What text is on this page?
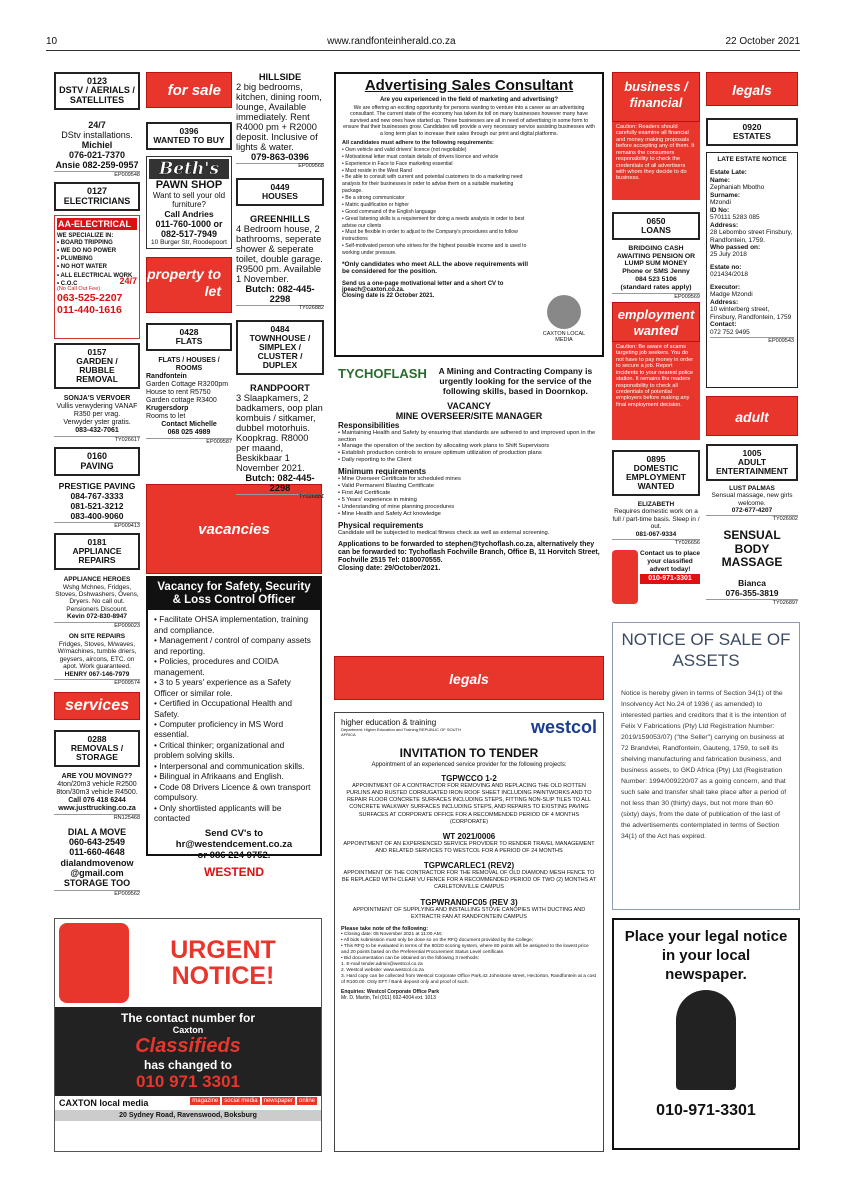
10	www.randfonteinherald.co.za	22 October 2021
0123
DSTV / AERIALS / SATELLITES
24/7
DStv installations.
Michiel
076-021-7370
Ansie 082-259-0957
EP009548
0127
ELECTRICIANS
AA-ELECTRICAL
WE SPECIALIZE IN:
• BOARD TRIPPING
• WE DO NO POWER
• PLUMBING
• NO HOT WATER
• ALL ELECTRICAL WORK
• C.O.C	24/7
(No Call Out Fee)
063-525-2207
011-440-1616
0157
GARDEN / RUBBLE REMOVAL
SONJA'S VERVOER
Vullis verwydering VANAF R350 per vrag.
Verwyder yster gratis.
083-432-7061
TY026617
0160
PAVING
PRESTIGE PAVING
084-767-3333
081-521-3212
083-400-9060
EP009413
0181
APPLIANCE REPAIRS
APPLIANCE HEROES
Wshg Mchnes, Fridges, Stoves, Dshwashers, Ovens, Dryers. No call out. Pensioners Discount.
Kevin 072-830-8947
EP009023
ON SITE REPAIRS
Fridges, Stoves, M/waves, W/machines, tumble driers, geysers, aircons, ETC. on apot. Work guaranteed.
HENRY 067-146-7979
EP009574
services
0288
REMOVALS / STORAGE
ARE YOU MOVING??
4ton/20m3 vehicle R2500
8ton/30m3 vehicle R4500.
Call 076 418 6244
www.justtrucking.co.za
RN125468
DIAL A MOVE
060-643-2549
011-660-4648
dialandmovenow
@gmail.com
STORAGE TOO
EP009562
for sale
0396
WANTED TO BUY
Beth's
PAWN SHOP
Want to sell your old furniture?
Call Andries
011-760-1000 or
082-517-7949
10 Burger Str, Roodepoort
property to let
0428
FLATS
FLATS / HOUSES / ROOMS
Randfontein
Garden Cottage R3200pm
House to rent R5750
Garden cottage R3400
Krugersdorp
Rooms to let
Contact Michelle
068 025 4989
EP009587
vacancies
Vacancy for Safety, Security & Loss Control Officer
• Facilitate OHSA implementation, training and compliance.
• Management / control of company assets and reporting.
• Policies, procedures and COIDA management.
• 3 to 5 years' experience as a Safety Officer or similar role.
• Certified in Occupational Health and Safety.
• Computer proficiency in MS Word essential.
• Critical thinker; organizational and problem solving skills.
• Interpersonal and communication skills.
• Bilingual in Afrikaans and English.
• Code 08 Drivers Licence & own transport compulsory.
• Only shortlisted applicants will be contacted
Send CV's to
hr@westendcement.co.za
or 086 224 9752.
WESTEND
HILLSIDE
2 big bedrooms, kitchen, dining room, lounge, Available immediately. Rent R4000 pm + R2000 deposit. Inclusive of lights & water.
079-863-0396
EP009568
0449
HOUSES
GREENHILLS
4 Bedroom house, 2 bathrooms, seperate shower & seperate toilet, double garage. R9500 pm. Available 1 November.
Butch: 082-445-2298
TY026882
0484
TOWNHOUSE / SIMPLEX / CLUSTER / DUPLEX
RANDPOORT
3 Slaapkamers, 2 badkamers, oop plan kombuis / sitkamer, dubbel motorhuis. Koopkrag. R8000 per maand, Beskikbaar 1 November 2021.
Butch: 082-445-2298
TY026881
Advertising Sales Consultant
Are you experienced in the field of marketing and advertising?
We are offering an exciting opportunity for persons wanting to venture into a career as an advertising consultant. The current state of the economy has taken its toll on many businesses however many have survived and new ones have started up. These businesses are all in need of advertising in some form to ensure that their businesses grow. Candidates will provide a very necessary service assisting businesses with a long term plan to increase their sales through our print and digital platforms.
All candidates must adhere to the following requirements:
• Own vehicle and valid drivers' licence (not negotiable)
• Motivational letter must contain details of drivers licence and vehicle
• Experience in Face to Face marketing essential
• Must reside in the West Rand
• Be able to consult with current and potential customers to do a marketing need analysis for their businesses in order to advise them on a suitable marketing package.
• Be a strong communicator
• Matric qualification or higher
• Good command of the English language
• Great listening skills is a requirement for doing a needs analysis in order to best advise our clients
• Must be flexible in order to adjust to the Company's procedures and to follow instructions
• Self-motivated person who strives for the highest possible income and is used to working under pressure.
*Only candidates who meet ALL the above requirements will be considered for the position.
Send us a one-page motivational letter and a short CV to jpeach@caxton.co.za.
Closing date is 22 October 2021.
CAXTON LOCAL MEDIA
TYCHOFLASH	A Mining and Contracting Company is urgently looking for the service of the following skills, based in Doornkop.
VACANCY
MINE OVERSEER/SITE MANAGER
Responsibilities
• Maintaining Health and Safety by ensuring that standards are adhered to and improved upon in the section
• Manage the operation of the section by allocating work plans to Shift Supervisors
• Establish production controls to ensure optimum utilization of production plans
• Daily reporting to the Client
Minimum requirements
• Mine Overseer Certificate for scheduled mines
• Valid Permanent Blasting Certificate
• First Aid Certificate
• 5 Years' experience in mining
• Understanding of mine planning procedures
• Mine Health and Safety Act knowledge
Physical requirements
Candidate will be subjected to medical fitness check as well as external screening.
Applications to be forwarded to stephen@tychoflash.co.za, alternatively they can be forwarded to: Tychoflash Fochville Branch, Office B, 11 Horvitch Street, Fochville 2515 Tel: 0180070555.
Closing date: 29/October/2021.
legals
higher education & training
Department: Higher Education and Training REPUBLIC OF SOUTH AFRICA	westcol
INVITATION TO TENDER
Appointment of an experienced service provider for the following projects:
TGPWCCO 1-2
APPOINTMENT OF A CONTRACTOR FOR REMOVING AND REPLACING THE OLD ROTTEN PURLINS AND RUSTED CORRUGATED IRON ROOF SHEET INCLUDING PAINTWORKS AND TO REPAIR FLOOR CONCRETE SURFACES INCLUDING STEPS, FITTING NON-SLIP TILES TO ALL CONCRETE WALKWAY SURFACES INCLUDING STEPS, AND REPAIRS TO EXISTING PAVING SURFACES AT CORPORATE OFFICE FOR A RECOMMENDED PERIOD OF 4 MONTHS (CORPORATE)
WT 2021/0006
APPOINTMENT OF AN EXPERIENCED SERVICE PROVIDER TO RENDER TRAVEL MANAGEMENT AND RELATED SERVICES TO WESTCOL FOR A PERIOD OF 24 MONTHS
TGPWCARLEC1 (REV2)
APPOINTMENT OF THE CONTRACTOR FOR THE REMOVAL OF OLD DIAMOND MESH FENCE TO BE REPLACED WITH CLEAR VU FENCE FOR A RECOMMENDED PERIOD OF TWO (2) MONTHS AT CARLETONVILLE CAMPUS
TGPWRANDFC05 (REV 3)
APPOINTMENT OF SUPPLYING AND INSTALLING STOVE CANOPIES WITH DUCTING AND EXTRACTR FAN AT RANDFONTEIN CAMPUS
Please take note of the following:
• Closing date: 05 November 2021 at 11:00 AM;
• All bids submission must only be done so on the RFQ document provided by the College;
• This RFQ to be evaluated in terms of the 80/20 scoring system, where 80 points will be assigned to the lowest price and 20 points based on the Preferential Procurement Status Level certificate.
• Bid documentation can be obtained on the following 3 methods:
1. E-mail tender.admin@westcol.co.za
2. Westcol website: www.westcol.co.za
3. Hard copy can be collected from Westcol Corporate Office Park,42 Johnstone street, Hectorton, Randfontein at a cost of R100.00. Only EFT / Bank deposit only and proof of such.
Enquiries: Westcol Corporate Office Park
Mr. D. Martin, Tel (011) 692-4004 ext. 1013
business / financial
Caution: Readers should carefully examine all financial and money making proposals before accepting any of them. It remains the consumers responsibility to check the credentials of all advertisers with whom they decide to do business.
0650
LOANS
BRIDGING CASH AWAITING PENSION OR LUMP SUM MONEY
Phone or SMS Jenny
084 523 5106
(standard rates apply)
EP009569
employment wanted
Caution: Be aware of scams targeting job seekers. You do not have to pay money in order to secure a job. Report incidents to your nearest police station. It remains the readers responsibility to check all credentials of potential employers before making any final employment decision.
0895
DOMESTIC EMPLOYMENT WANTED
ELIZABETH
Requires domestic work on a full / part-time basis. Sleep in / out.
081-067-9334
TY026656
Contact us to place your classified advert today!
010-971-3301
legals
0920
ESTATES
LATE ESTATE NOTICE
Estate Late:
Name:
Zephaniah Mbotho
Surname:
Mzondi
ID No:
570111 5283 085
Address:
28 Lebombo street Finsbury, Randfontein, 1759.
Who passed on:
25 July 2018
Estate no:
021434/2018
Executor:
Madge Mzondi
Address:
10 winterberg street, Finsbury, Randfontein, 1759
Contact:
072 752 9495
EP009543
adult
1005
ADULT ENTERTAINMENT
LUST PALMAS
Sensual massage, new girls welcome.
072-677-4207
TY026902
SENSUAL BODY MASSAGE
Bianca
076-355-3819
TY026897
NOTICE OF SALE OF ASSETS
Notice is hereby given in terms of Section 34(1) of the Insolvency Act No.24 of 1936 ( as amended) to interested parties and creditors that it is the intention of Felix V Fabrications (Pty) Ltd Registration Number: 2019/159053/07) ("the Seller") carrying on business at 72 Brandvlei, Randfontein, Gauteng, 1759, to sell its shelving manufacturing and fabrication business, and business assets, to GKD Africa (Pty) Ltd (Registration Number: 1994/009220/07 as a going concern, and that such sale and transfer shall take place after a period of not less than 30 (thirty) days, but not more than 60 (sixty) days, from the date of publication of the last of the advertisements contemplated in terms of Section 34(1) of the Act has expired.
Place your legal notice in your local newspaper.
010-971-3301
URGENT NOTICE!
The contact number for
Caxton
Classifieds
has changed to
010 971 3301
CAXTON local media	magazine social media newspaper online
20 Sydney Road, Ravenswood, Boksburg
